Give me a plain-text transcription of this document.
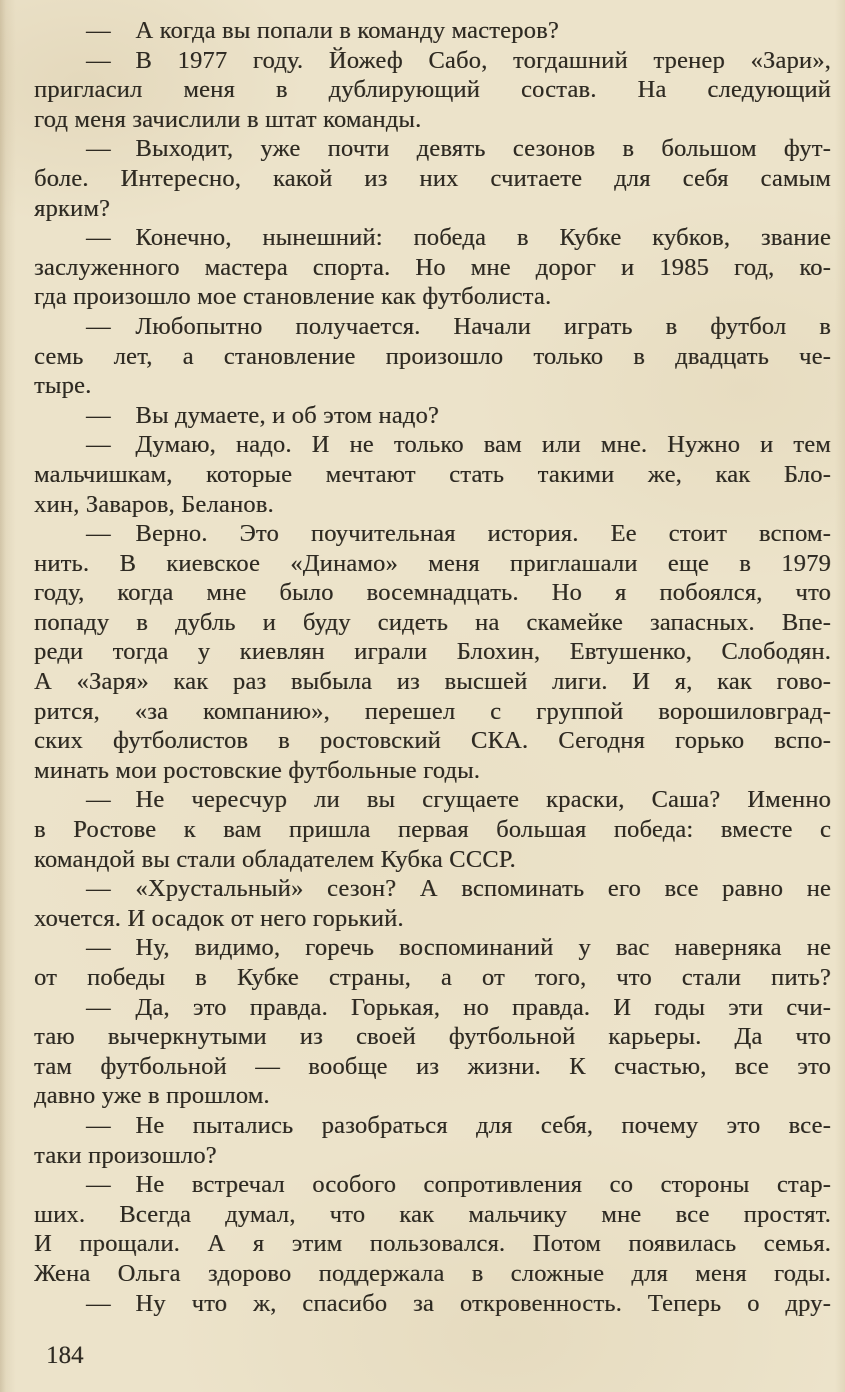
— А когда вы попали в команду мастеров?

— В 1977 году. Йожеф Сабо, тогдашний тренер «Зари»,
пригласил меня в дублирующий состав. На следующий
год меня зачислили в штат команды.

— Выходит, уже почти девять сезонов в большом фут-
боле. Интересно, какой из них считаете для себя самым
ярким?

— Конечно, нынешний: победа в Кубке кубков, звание
заслуженного мастера спорта. Но мне дорог и 1985 год, ко-
гда произошло мое становление как футболиста.

— Любопытно получается. Начали играть в футбол в
семь лет, а становление произошло только в двадцать че-
тыре.

— Вы думаете, и об этом надо?

— Думаю, надо. И не только вам или мне. Нужно и тем
мальчишкам, которые мечтают стать такими же, как Бло-
хин, Заваров, Беланов.

— Верно. Это поучительная история. Ее стоит вспом-
нить. В киевское «Динамо» меня приглашали еще в 1979
году, когда мне было восемнадцать. Но я побоялся, что
попаду в дубль и буду сидеть на скамейке запасных. Впе-
реди тогда у киевлян играли Блохин, Евтушенко, Слободян.
А «Заря» как раз выбыла из высшей лиги. И я, как гово-
рится, «за компанию», перешел с группой ворошиловград-
ских футболистов в ростовский СКА. Сегодня горько вспо-
минать мои ростовские футбольные годы.

— Не чересчур ли вы сгущаете краски, Саша? Именно
в Ростове к вам пришла первая большая победа: вместе с
командой вы стали обладателем Кубка СССР.

— «Хрустальный» сезон? А вспоминать его все равно не
хочется. И осадок от него горький.

— Ну, видимо, горечь воспоминаний у вас наверняка не
от победы в Кубке страны, а от того, что стали пить?

— Да, это правда. Горькая, но правда. И годы эти счи-
таю вычеркнутыми из своей футбольной карьеры. Да что
там футбольной — вообще из жизни. К счастью, все это
давно уже в прошлом.

— Не пытались разобраться для себя, почему это все-
таки произошло?

— Не встречал особого сопротивления со стороны стар-
ших. Всегда думал, что как мальчику мне все простят.
И прощали. А я этим пользовался. Потом появилась семья.
Жена Ольга здорово поддержала в сложные для меня годы.

— Ну что ж, спасибо за откровенность. Теперь о дру-

184
